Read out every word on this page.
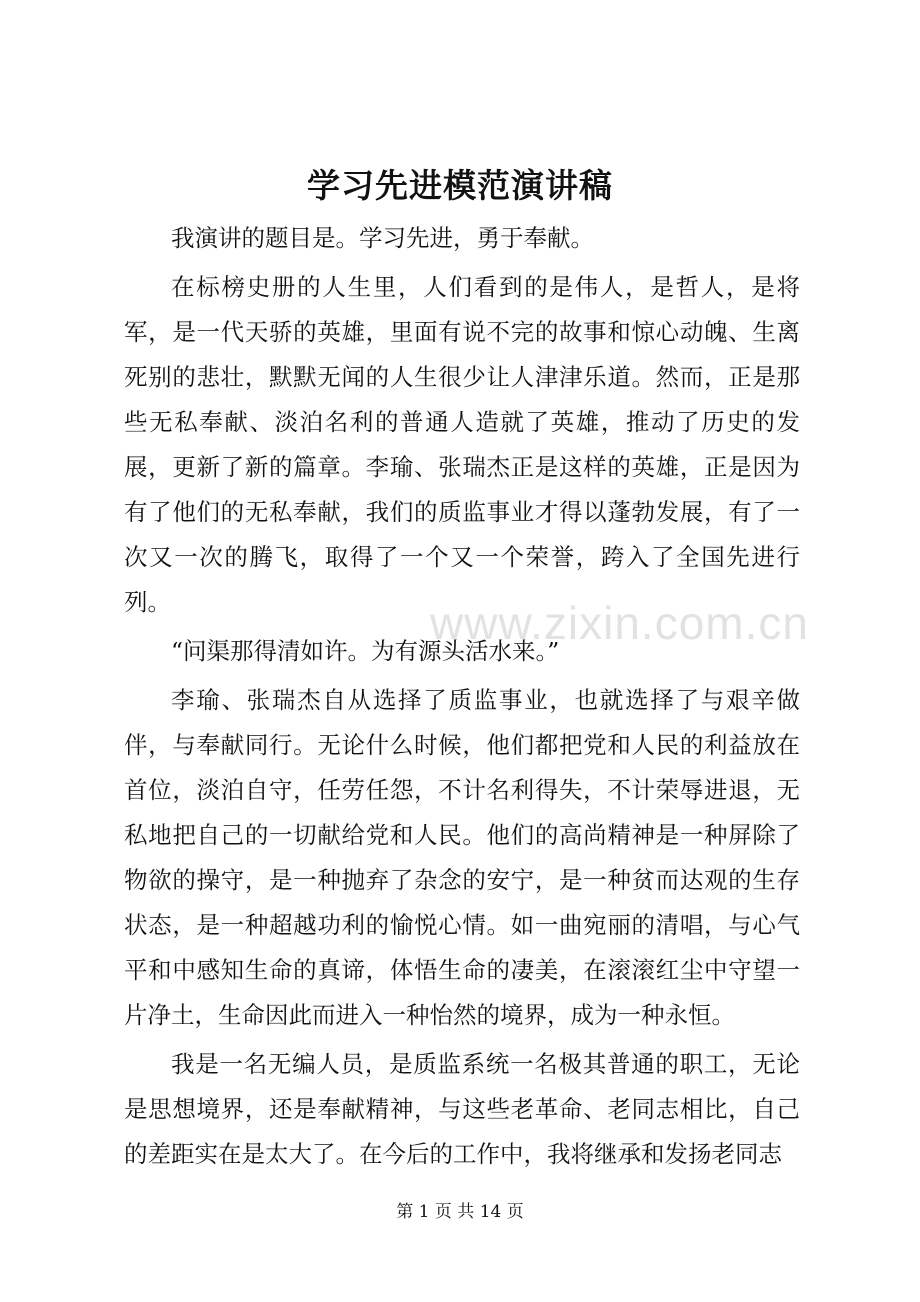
学习先进模范演讲稿

我演讲的题目是。学习先进，勇于奉献。

在标榜史册的人生里，人们看到的是伟人，是哲人，是将军，是一代天骄的英雄，里面有说不完的故事和惊心动魄、生离死别的悲壮，默默无闻的人生很少让人津津乐道。然而，正是那些无私奉献、淡泊名利的普通人造就了英雄，推动了历史的发展，更新了新的篇章。李瑜、张瑞杰正是这样的英雄，正是因为有了他们的无私奉献，我们的质监事业才得以蓬勃发展，有了一次又一次的腾飞，取得了一个又一个荣誉，跨入了全国先进行列。

“问渠那得清如许。为有源头活水来。”

李瑜、张瑞杰自从选择了质监事业，也就选择了与艰辛做伴，与奉献同行。无论什么时候，他们都把党和人民的利益放在首位，淡泊自守，任劳任怨，不计名利得失，不计荣辱进退，无私地把自己的一切献给党和人民。他们的高尚精神是一种屏除了物欲的操守，是一种抛弃了杂念的安宁，是一种贫而达观的生存状态，是一种超越功利的愉悦心情。如一曲宛丽的清唱，与心气平和中感知生命的真谛，体悟生命的凄美，在滚滚红尘中守望一片净土，生命因此而进入一种怡然的境界，成为一种永恒。

我是一名无编人员，是质监系统一名极其普通的职工，无论是思想境界，还是奉献精神，与这些老革命、老同志相比，自己的差距实在是太大了。在今后的工作中，我将继承和发扬老同志

www.zixin.com.cn
第 1 页 共 14 页
